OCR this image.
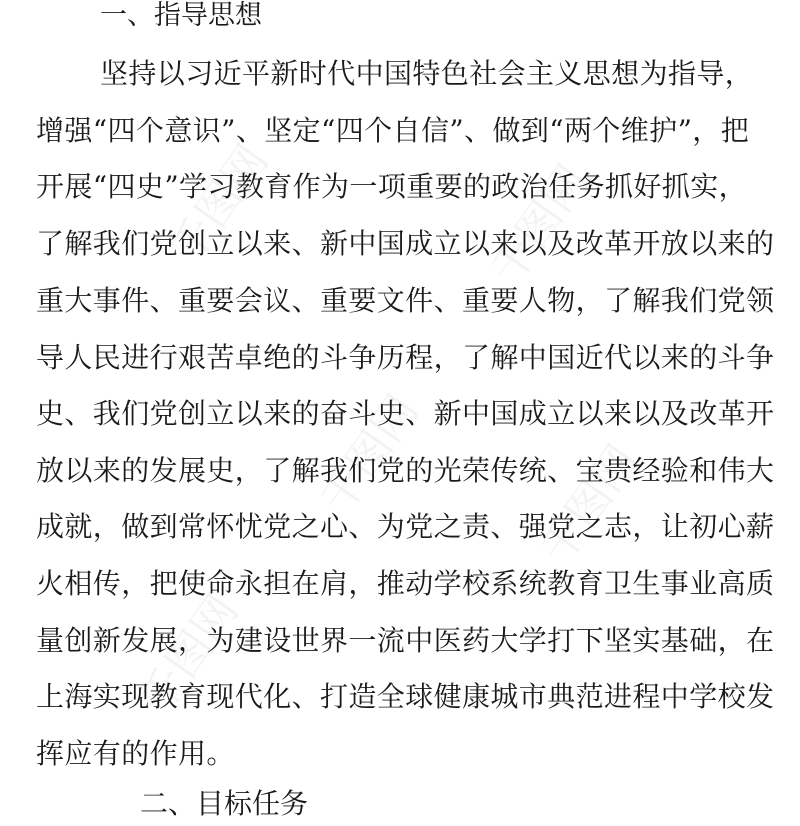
千图网	千图网
千图网 千图网
千图网
一、指导思想
坚持以习近平新时代中国特色社会主义思想为指导，
增强“四个意识”、坚定“四个自信”、做到“两个维护”，把
开展“四史”学习教育作为一项重要的政治任务抓好抓实，
了解我们党创立以来、新中国成立以来以及改革开放以来的
重大事件、重要会议、重要文件、重要人物，了解我们党领
导人民进行艰苦卓绝的斗争历程，了解中国近代以来的斗争
史、我们党创立以来的奋斗史、新中国成立以来以及改革开
放以来的发展史，了解我们党的光荣传统、宝贵经验和伟大
成就，做到常怀忧党之心、为党之责、强党之志，让初心薪
火相传，把使命永担在肩，推动学校系统教育卫生事业高质
量创新发展，为建设世界一流中医药大学打下坚实基础，在
上海实现教育现代化、打造全球健康城市典范进程中学校发
挥应有的作用。
二、目标任务
